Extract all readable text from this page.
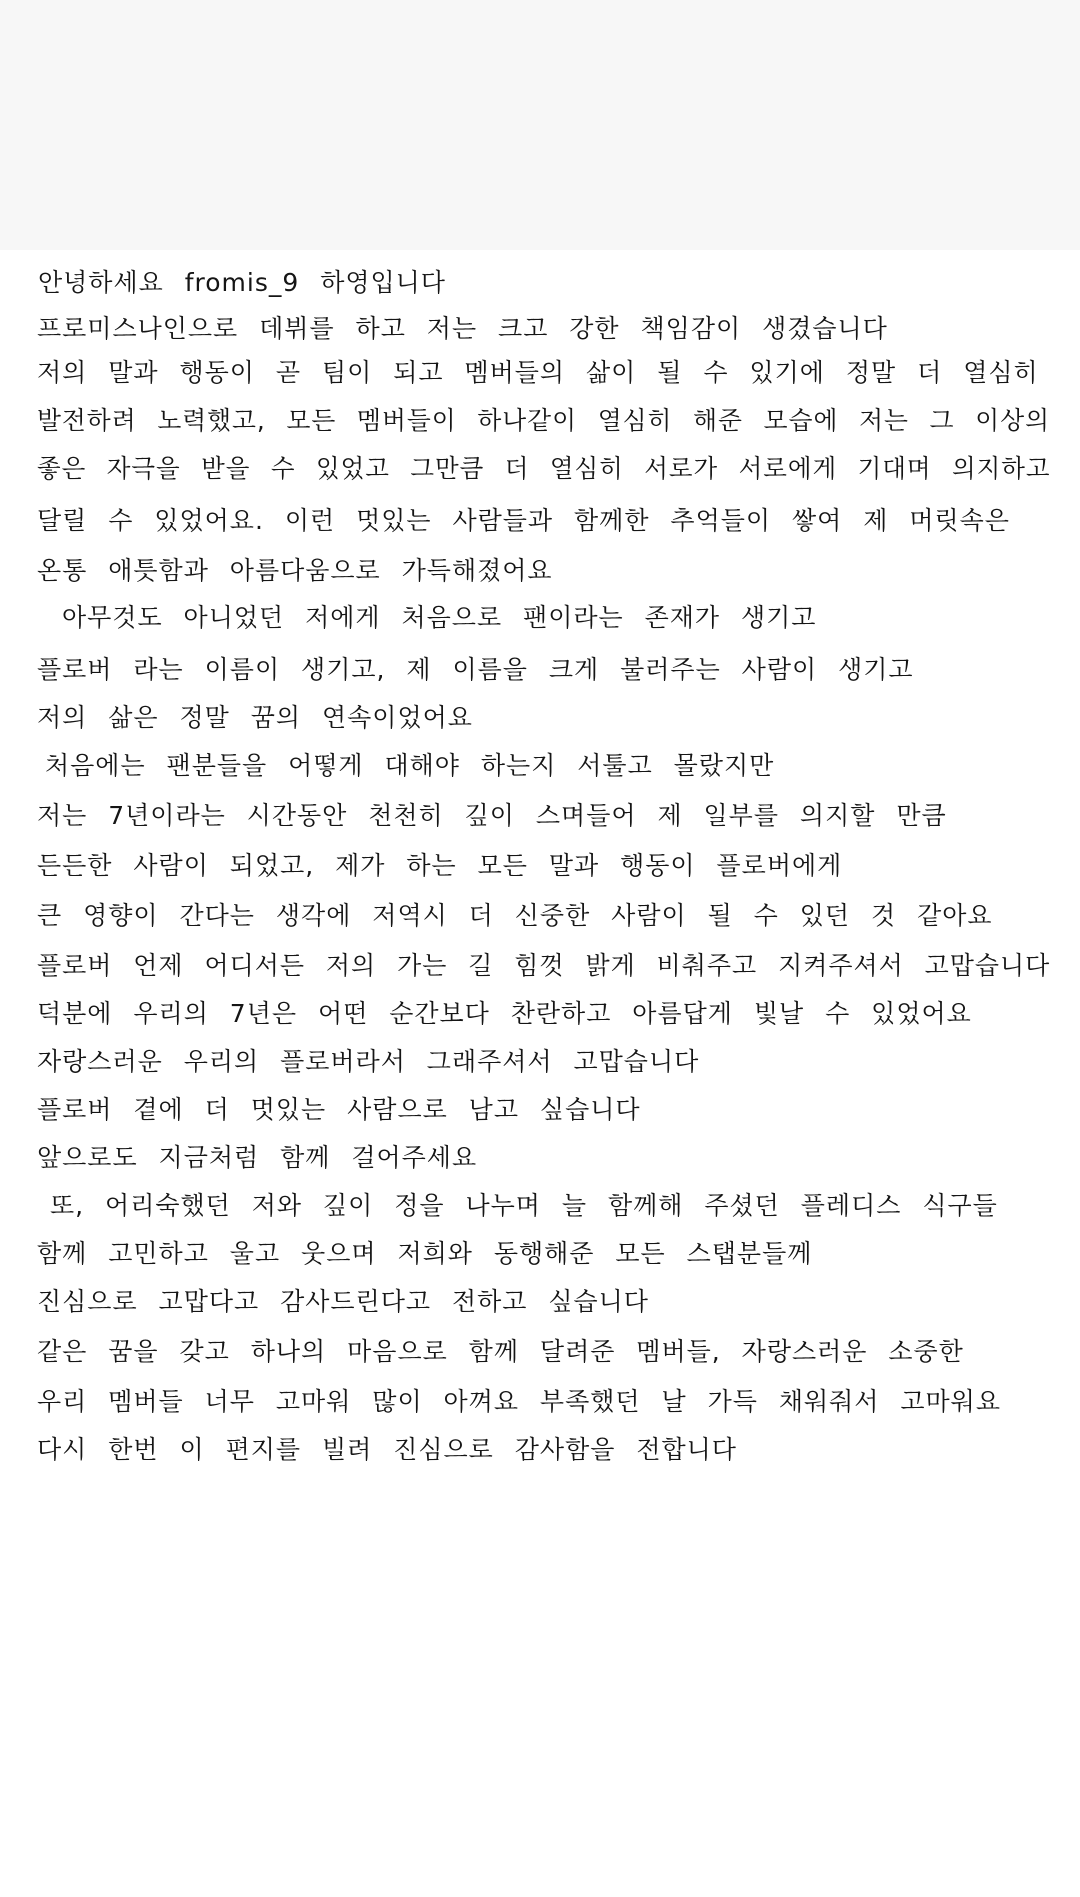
안녕하세요 fromis_9 하영입니다
프로미스나인으로 데뷔를 하고 저는 크고 강한 책임감이 생겼습니다
저의 말과 행동이 곧 팀이 되고 멤버들의 삶이 될 수 있기에 정말 더 열심히
발전하려 노력했고, 모든 멤버들이 하나같이 열심히 해준 모습에 저는 그 이상의
좋은 자극을 받을 수 있었고 그만큼 더 열심히 서로가 서로에게 기대며 의지하고
달릴 수 있었어요. 이런 멋있는 사람들과 함께한 추억들이 쌓여 제 머릿속은
온통 애틋함과 아름다움으로 가득해졌어요
아무것도 아니었던 저에게 처음으로 팬이라는 존재가 생기고
플로버 라는 이름이 생기고, 제 이름을 크게 불러주는 사람이 생기고
저의 삶은 정말 꿈의 연속이었어요
처음에는 팬분들을 어떻게 대해야 하는지 서툴고 몰랐지만
저는 7년이라는 시간동안 천천히 깊이 스며들어 제 일부를 의지할 만큼
든든한 사람이 되었고, 제가 하는 모든 말과 행동이 플로버에게
큰 영향이 간다는 생각에 저역시 더 신중한 사람이 될 수 있던 것 같아요
플로버 언제 어디서든 저의 가는 길 힘껏 밝게 비춰주고 지켜주셔서 고맙습니다
덕분에 우리의 7년은 어떤 순간보다 찬란하고 아름답게 빛날 수 있었어요
자랑스러운 우리의 플로버라서 그래주셔서 고맙습니다
플로버 곁에 더 멋있는 사람으로 남고 싶습니다
앞으로도 지금처럼 함께 걸어주세요
또, 어리숙했던 저와 깊이 정을 나누며 늘 함께해 주셨던 플레디스 식구들
함께 고민하고 울고 웃으며 저희와 동행해준 모든 스탭분들께
진심으로 고맙다고 감사드린다고 전하고 싶습니다
같은 꿈을 갖고 하나의 마음으로 함께 달려준 멤버들, 자랑스러운 소중한
우리 멤버들 너무 고마워 많이 아껴요 부족했던 날 가득 채워줘서 고마워요
다시 한번 이 편지를 빌려 진심으로 감사함을 전합니다
